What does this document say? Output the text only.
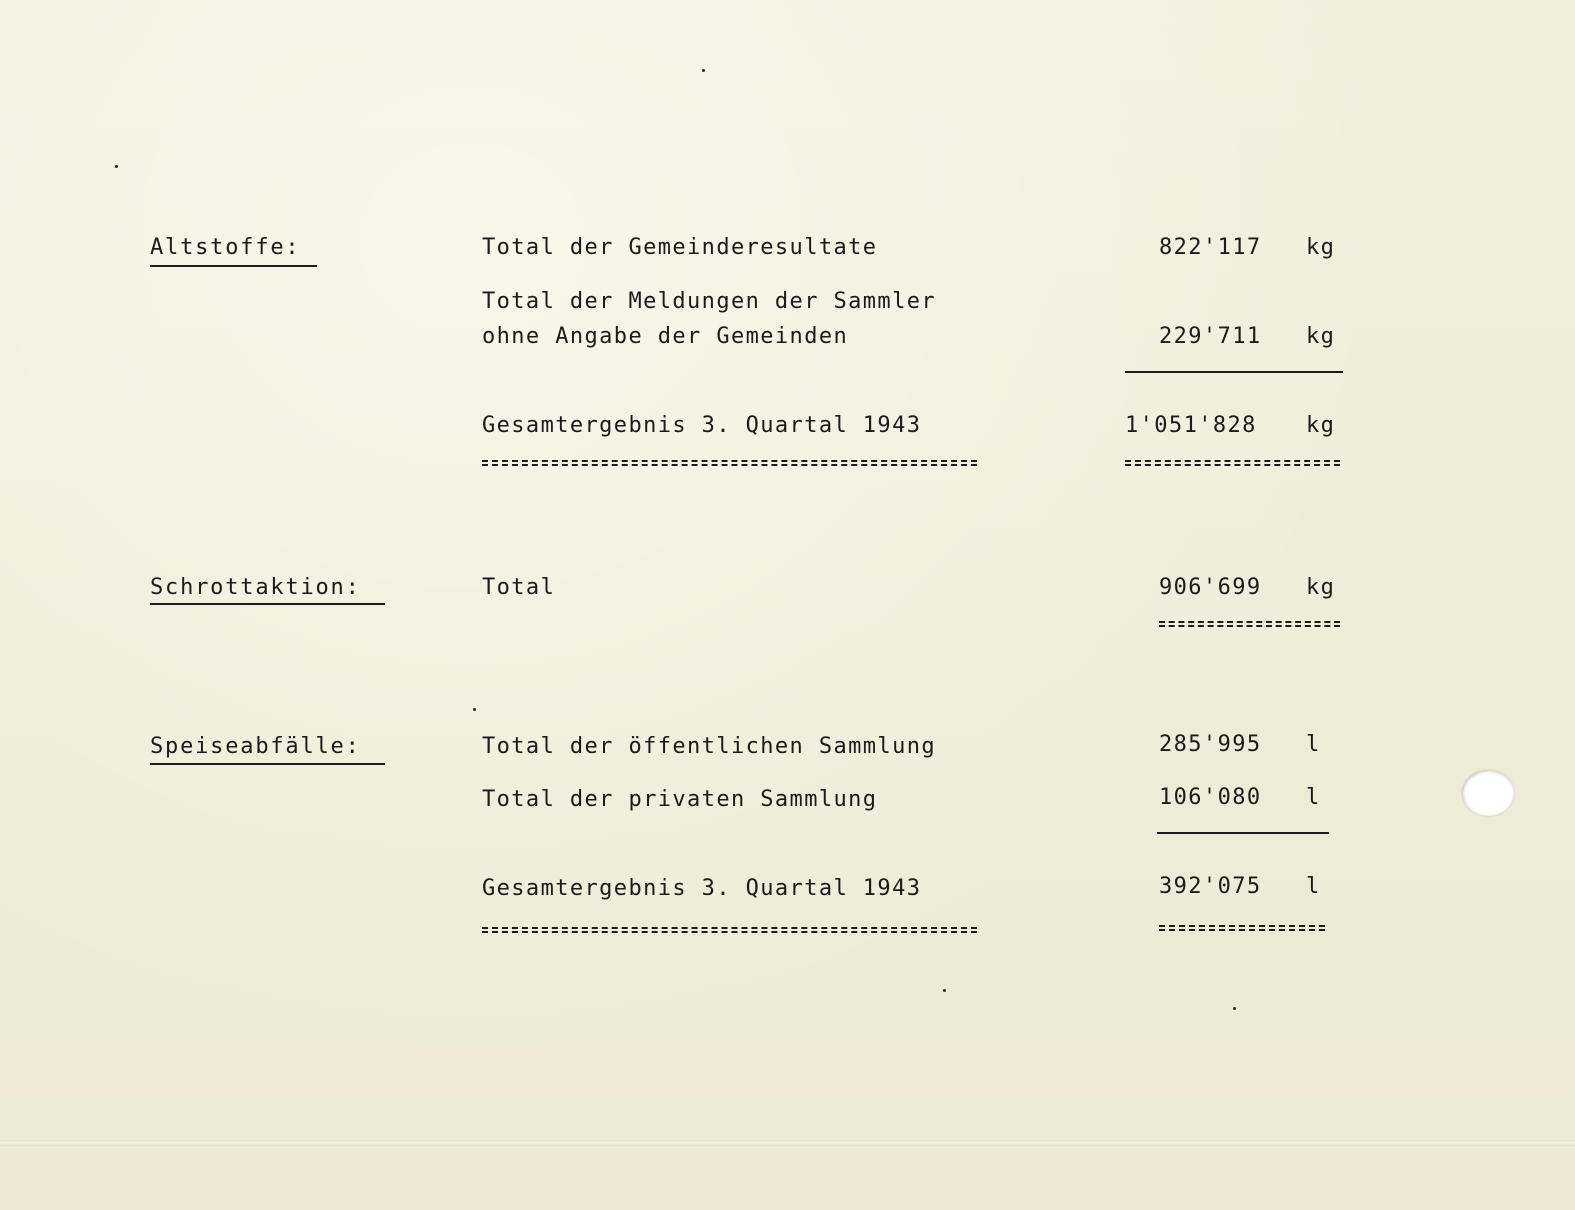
Altstoffe:	Total der Gemeinderesultate	822'117 kg
Total der Meldungen der Sammler
ohne Angabe der Gemeinden	229'711 kg
Gesamtergebnis 3. Quartal 1943	1'051'828 kg
Schrottaktion:	Total	906'699 kg
Speiseabfälle:	Total der öffentlichen Sammlung	285'995 l
Total der privaten Sammlung	106'080 l
Gesamtergebnis 3. Quartal 1943	392'075 l
